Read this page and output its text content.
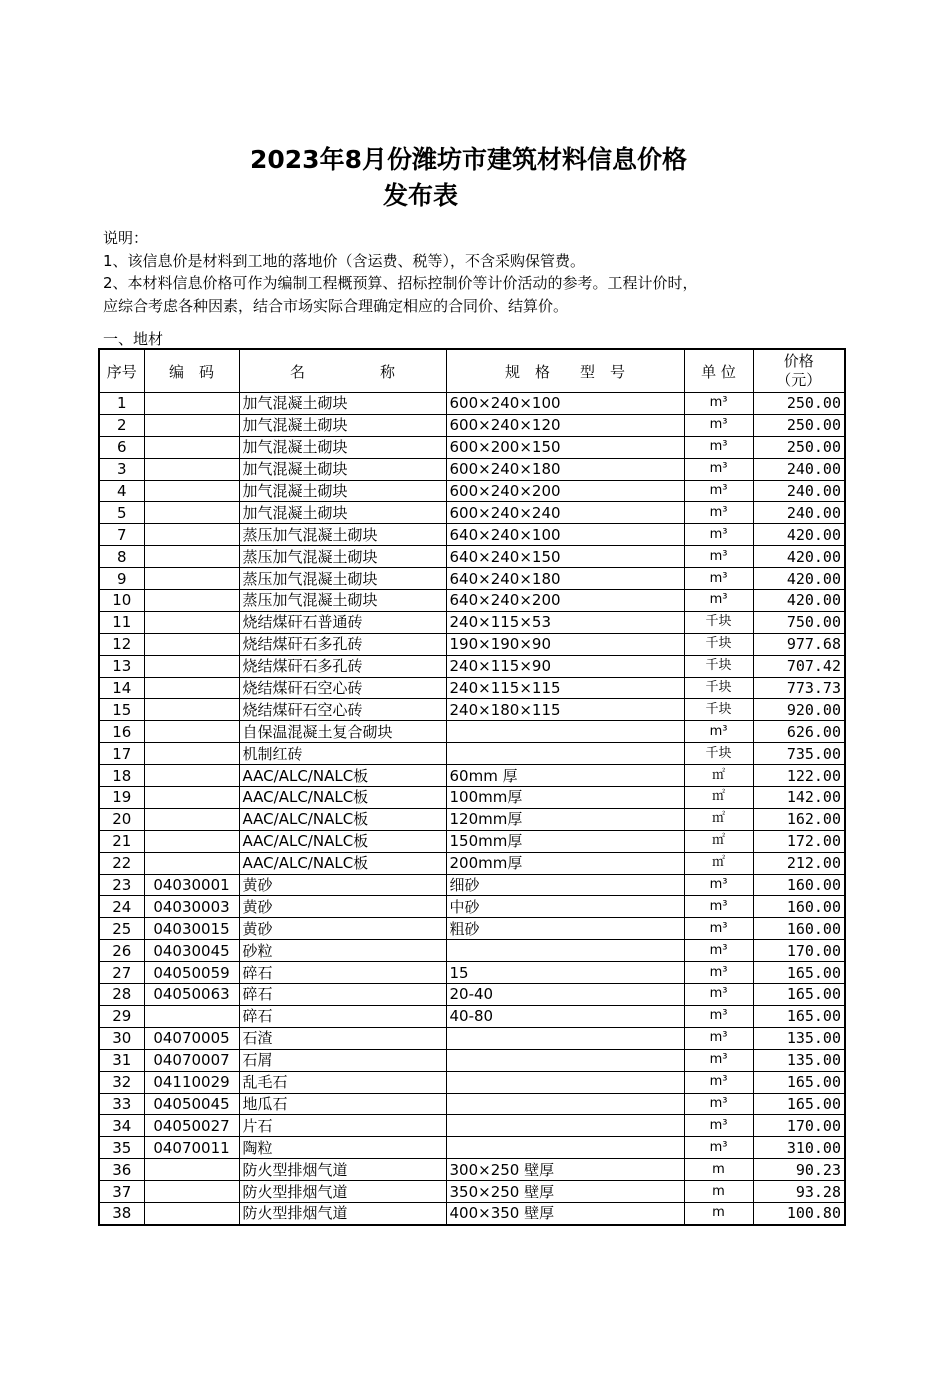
2023年8月份潍坊市建筑材料信息价格
发布表
说明：
1、该信息价是材料到工地的落地价（含运费、税等），不含采购保管费。
2、本材料信息价格可作为编制工程概预算、招标控制价等计价活动的参考。工程计价时，
应综合考虑各种因素，结合市场实际合理确定相应的合同价、结算价。
一、地材
序号	编　码	名　　　　　称	规　格　　型　号	单 位	价格
（元）

1		加气混凝土砌块	600×240×100	m³	250.00
2		加气混凝土砌块	600×240×120	m³	250.00
6		加气混凝土砌块	600×200×150	m³	250.00
3		加气混凝土砌块	600×240×180	m³	240.00
4		加气混凝土砌块	600×240×200	m³	240.00
5		加气混凝土砌块	600×240×240	m³	240.00
7		蒸压加气混凝土砌块	640×240×100	m³	420.00
8		蒸压加气混凝土砌块	640×240×150	m³	420.00
9		蒸压加气混凝土砌块	640×240×180	m³	420.00
10		蒸压加气混凝土砌块	640×240×200	m³	420.00
11		烧结煤矸石普通砖	240×115×53	千块	750.00
12		烧结煤矸石多孔砖	190×190×90	千块	977.68
13		烧结煤矸石多孔砖	240×115×90	千块	707.42
14		烧结煤矸石空心砖	240×115×115	千块	773.73
15		烧结煤矸石空心砖	240×180×115	千块	920.00
16		自保温混凝土复合砌块		m³	626.00
17		机制红砖		千块	735.00
18		AAC/ALC/NALC板	60mm 厚	㎡	122.00
19		AAC/ALC/NALC板	100mm厚	㎡	142.00
20		AAC/ALC/NALC板	120mm厚	㎡	162.00
21		AAC/ALC/NALC板	150mm厚	㎡	172.00
22		AAC/ALC/NALC板	200mm厚	㎡	212.00
23	04030001	黄砂	细砂	m³	160.00
24	04030003	黄砂	中砂	m³	160.00
25	04030015	黄砂	粗砂	m³	160.00
26	04030045	砂粒		m³	170.00
27	04050059	碎石	15	m³	165.00
28	04050063	碎石	20-40	m³	165.00
29		碎石	40-80	m³	165.00
30	04070005	石渣		m³	135.00
31	04070007	石屑		m³	135.00
32	04110029	乱毛石		m³	165.00
33	04050045	地瓜石		m³	165.00
34	04050027	片石		m³	170.00
35	04070011	陶粒		m³	310.00
36		防火型排烟气道	300×250 壁厚	m	90.23
37		防火型排烟气道	350×250 壁厚	m	93.28
38		防火型排烟气道	400×350 壁厚	m	100.80
